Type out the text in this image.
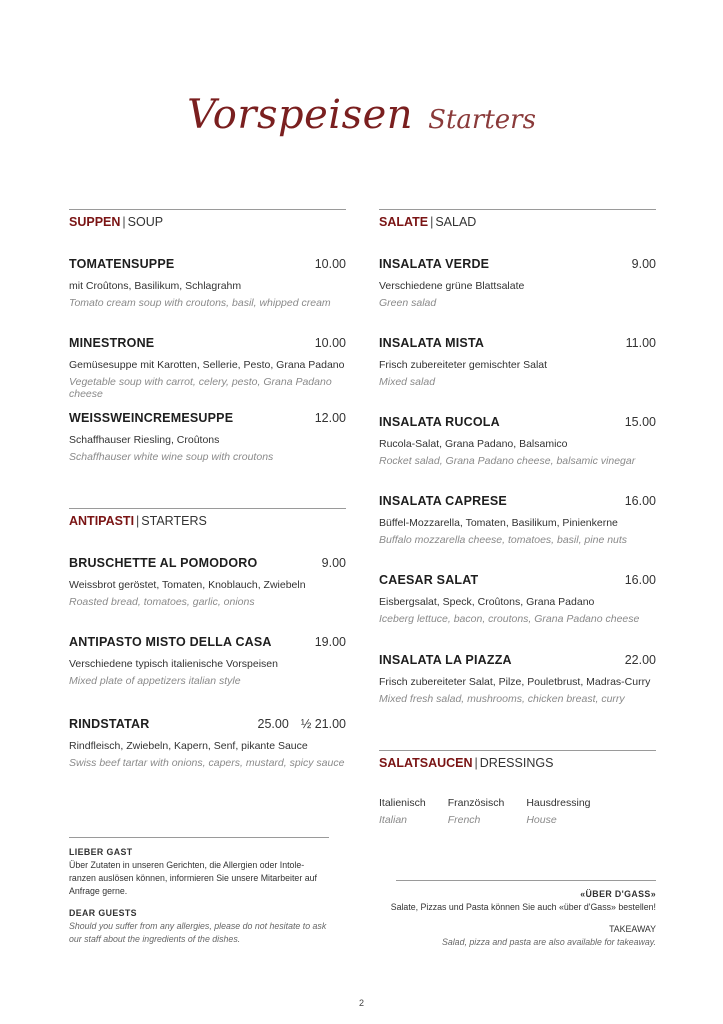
Vorspeisen Starters
SUPPEN | SOUP
TOMATENSUPPE	10.00
mit Croûtons, Basilikum, Schlagrahm
Tomato cream soup with croutons, basil, whipped cream
MINESTRONE	10.00
Gemüsesuppe mit Karotten, Sellerie, Pesto, Grana Padano
Vegetable soup with carrot, celery, pesto, Grana Padano cheese
WEISSWEINCREMESUPPE	12.00
Schaffhauser Riesling, Croûtons
Schaffhauser white wine soup with croutons
ANTIPASTI | STARTERS
BRUSCHETTE AL POMODORO	9.00
Weissbrot geröstet, Tomaten, Knoblauch, Zwiebeln
Roasted bread, tomatoes, garlic, onions
ANTIPASTO MISTO DELLA CASA	19.00
Verschiedene typisch italienische Vorspeisen
Mixed plate of appetizers italian style
RINDSTATAR	25.00 ½ 21.00
Rindfleisch, Zwiebeln, Kapern, Senf, pikante Sauce
Swiss beef tartar with onions, capers, mustard, spicy sauce
SALATE | SALAD
INSALATA VERDE	9.00
Verschiedene grüne Blattsalate
Green salad
INSALATA MISTA	11.00
Frisch zubereiteter gemischter Salat
Mixed salad
INSALATA RUCOLA	15.00
Rucola-Salat, Grana Padano, Balsamico
Rocket salad, Grana Padano cheese, balsamic vinegar
INSALATA CAPRESE	16.00
Büffel-Mozzarella, Tomaten, Basilikum, Pinienkerne
Buffalo mozzarella cheese, tomatoes, basil, pine nuts
CAESAR SALAT	16.00
Eisbergsalat, Speck, Croûtons, Grana Padano
Iceberg lettuce, bacon, croutons, Grana Padano cheese
INSALATA LA PIAZZA	22.00
Frisch zubereiteter Salat, Pilze, Pouletbrust, Madras-Curry
Mixed fresh salad, mushrooms, chicken breast, curry
SALATSAUCEN | DRESSINGS
Italienisch
Italian
Französisch
French
Hausdressing
House
LIEBER GAST
Über Zutaten in unseren Gerichten, die Allergien oder Intole-
ranzen auslösen können, informieren Sie unsere Mitarbeiter auf
Anfrage gerne.
DEAR GUESTS
Should you suffer from any allergies, please do not hesitate to ask
our staff about the ingredients of the dishes.
«ÜBER D'GASS»
Salate, Pizzas und Pasta können Sie auch «über d'Gass» bestellen!
TAKEAWAY
Salad, pizza and pasta are also available for takeaway.
2
